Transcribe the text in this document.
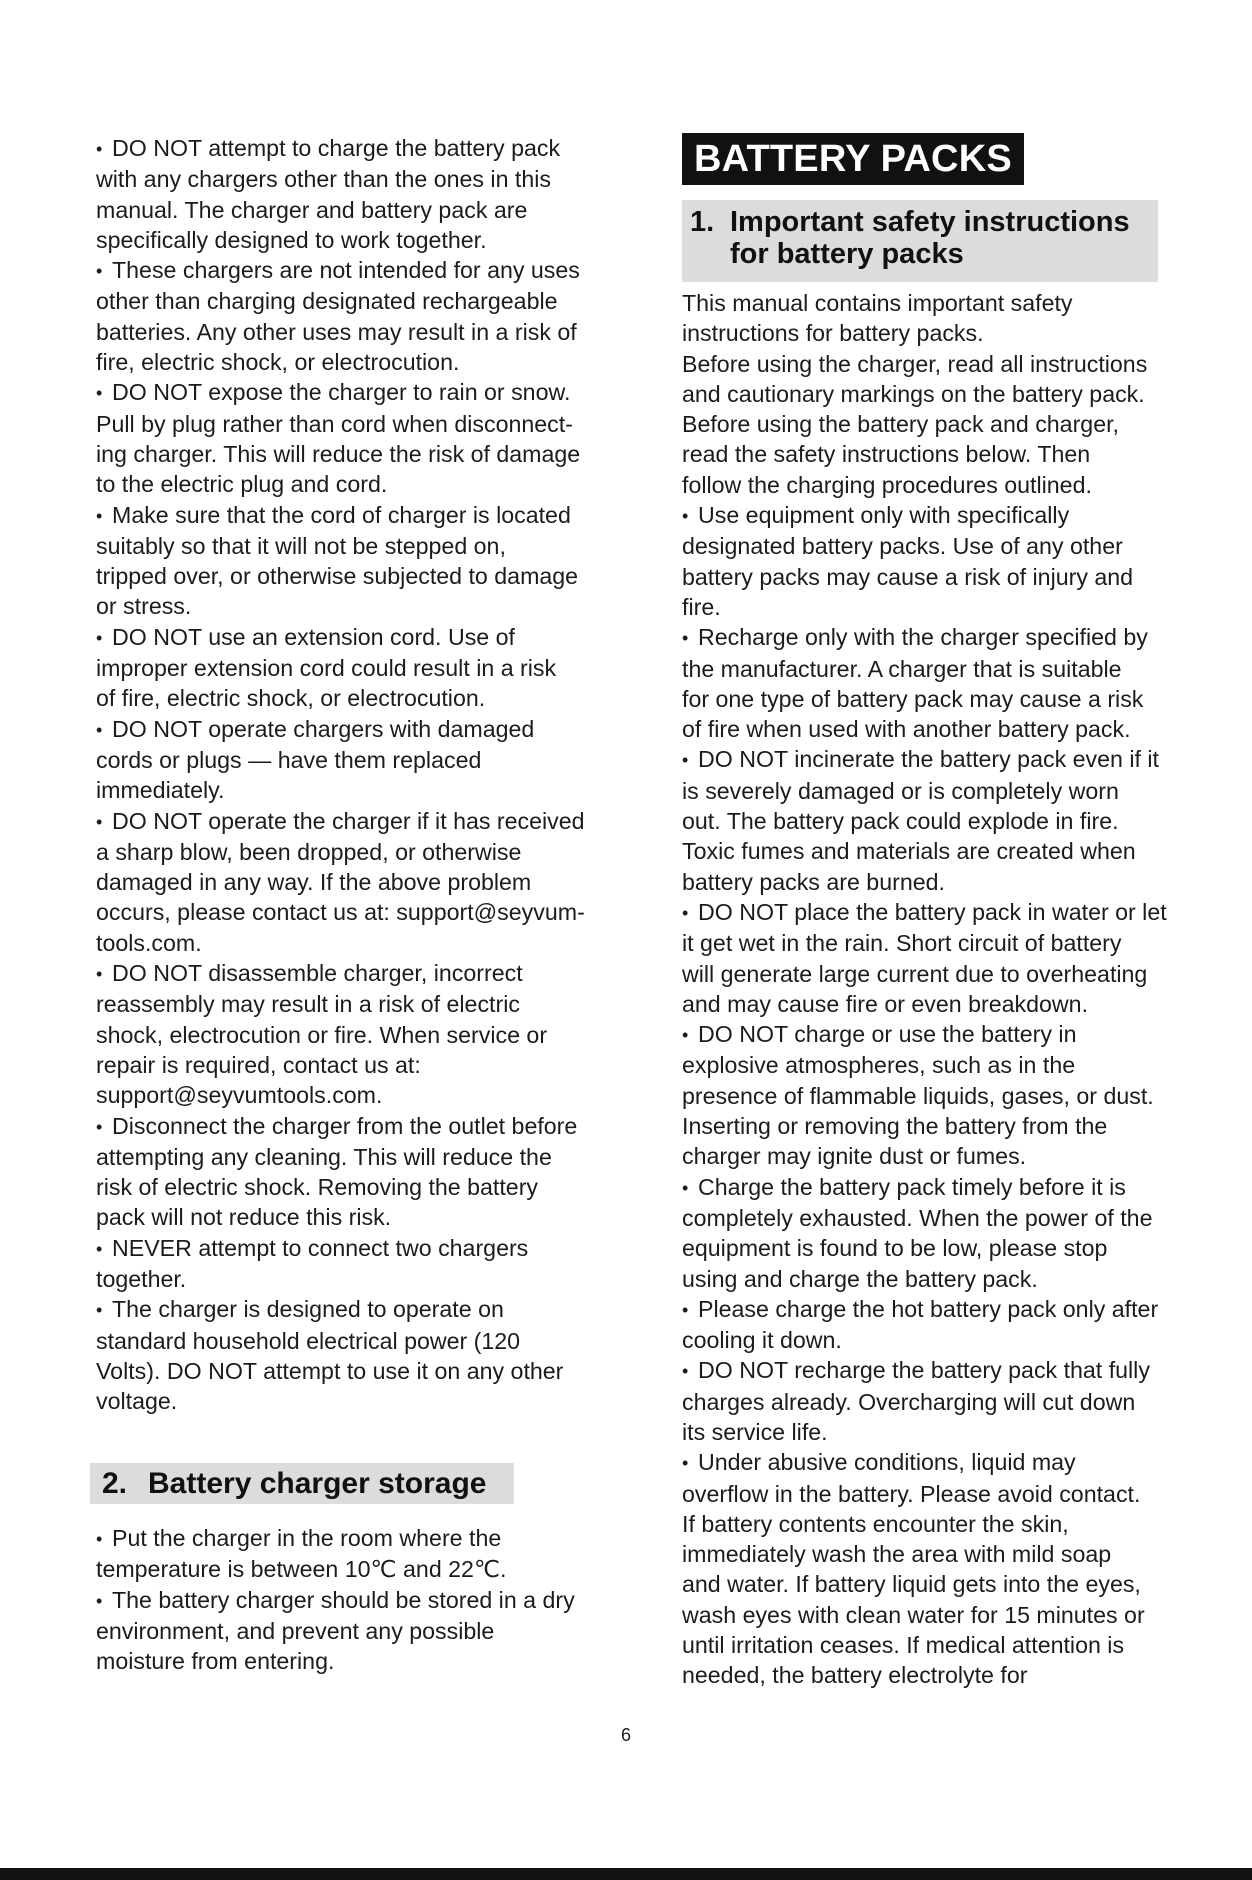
• DO NOT attempt to charge the battery pack
with any chargers other than the ones in this
manual. The charger and battery pack are
specifically designed to work together.
• These chargers are not intended for any uses
other than charging designated rechargeable
batteries. Any other uses may result in a risk of
fire, electric shock, or electrocution.
• DO NOT expose the charger to rain or snow.
Pull by plug rather than cord when disconnect-
ing charger. This will reduce the risk of damage
to the electric plug and cord.
• Make sure that the cord of charger is located
suitably so that it will not be stepped on,
tripped over, or otherwise subjected to damage
or stress.
• DO NOT use an extension cord. Use of
improper extension cord could result in a risk
of fire, electric shock, or electrocution.
• DO NOT operate chargers with damaged
cords or plugs — have them replaced
immediately.
• DO NOT operate the charger if it has received
a sharp blow, been dropped, or otherwise
damaged in any way. If the above problem
occurs, please contact us at: support@seyvum-
tools.com.
• DO NOT disassemble charger, incorrect
reassembly may result in a risk of electric
shock, electrocution or fire. When service or
repair is required, contact us at:
support@seyvumtools.com.
• Disconnect the charger from the outlet before
attempting any cleaning. This will reduce the
risk of electric shock. Removing the battery
pack will not reduce this risk.
• NEVER attempt to connect two chargers
together.
• The charger is designed to operate on
standard household electrical power (120
Volts). DO NOT attempt to use it on any other
voltage.
2. Battery charger storage
• Put the charger in the room where the
temperature is between 10℃ and 22℃.
• The battery charger should be stored in a dry
environment, and prevent any possible
moisture from entering.
BATTERY PACKS
1. Important safety instructions
for battery packs
This manual contains important safety
instructions for battery packs.
Before using the charger, read all instructions
and cautionary markings on the battery pack.
Before using the battery pack and charger,
read the safety instructions below. Then
follow the charging procedures outlined.
• Use equipment only with specifically
designated battery packs. Use of any other
battery packs may cause a risk of injury and
fire.
• Recharge only with the charger specified by
the manufacturer. A charger that is suitable
for one type of battery pack may cause a risk
of fire when used with another battery pack.
• DO NOT incinerate the battery pack even if it
is severely damaged or is completely worn
out. The battery pack could explode in fire.
Toxic fumes and materials are created when
battery packs are burned.
• DO NOT place the battery pack in water or let
it get wet in the rain. Short circuit of battery
will generate large current due to overheating
and may cause fire or even breakdown.
• DO NOT charge or use the battery in
explosive atmospheres, such as in the
presence of flammable liquids, gases, or dust.
Inserting or removing the battery from the
charger may ignite dust or fumes.
• Charge the battery pack timely before it is
completely exhausted. When the power of the
equipment is found to be low, please stop
using and charge the battery pack.
• Please charge the hot battery pack only after
cooling it down.
• DO NOT recharge the battery pack that fully
charges already. Overcharging will cut down
its service life.
• Under abusive conditions, liquid may
overflow in the battery. Please avoid contact.
If battery contents encounter the skin,
immediately wash the area with mild soap
and water. If battery liquid gets into the eyes,
wash eyes with clean water for 15 minutes or
until irritation ceases. If medical attention is
needed, the battery electrolyte for
6
